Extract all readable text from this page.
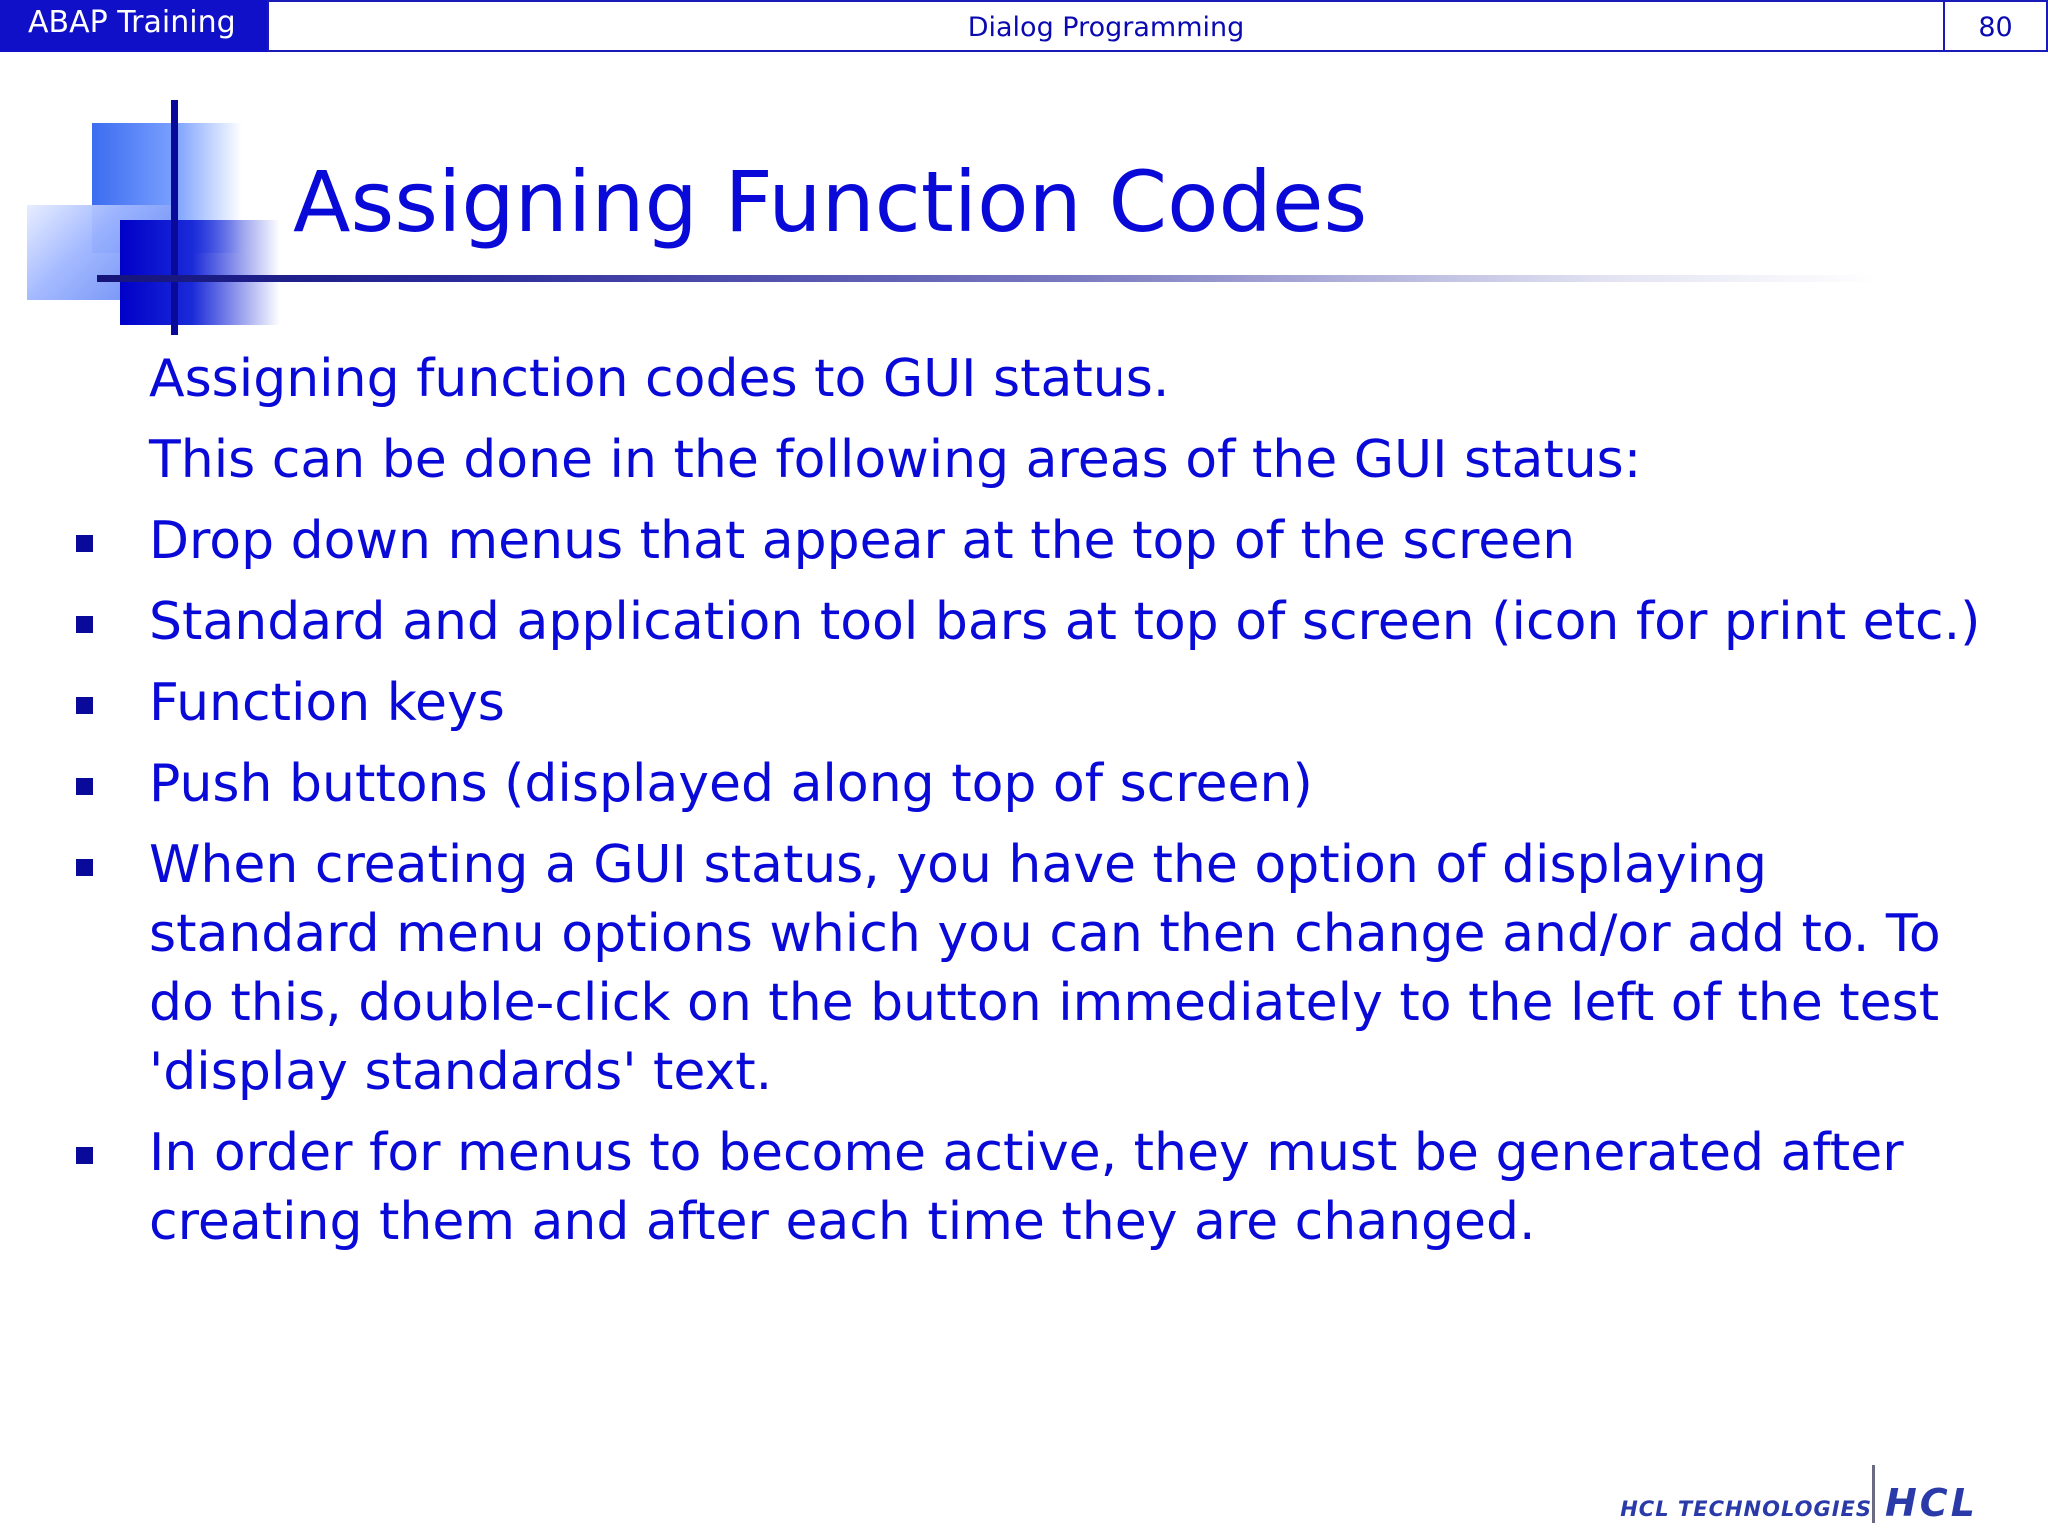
ABAP Training	Dialog Programming	80
Assigning Function Codes
Assigning function codes to GUI status.
This can be done in the following areas of the GUI status:
Drop down menus that appear at the top of the screen
Standard and application tool bars at top of screen (icon for print etc.)
Function keys
Push buttons (displayed along top of screen)
When creating a GUI status, you have the option of displaying standard menu options which you can then change and/or add to. To do this, double-click on the button immediately to the left of the test 'display standards' text.
In order for menus to become active, they must be generated after creating them and after each time they are changed.
HCL TECHNOLOGIES HCL
